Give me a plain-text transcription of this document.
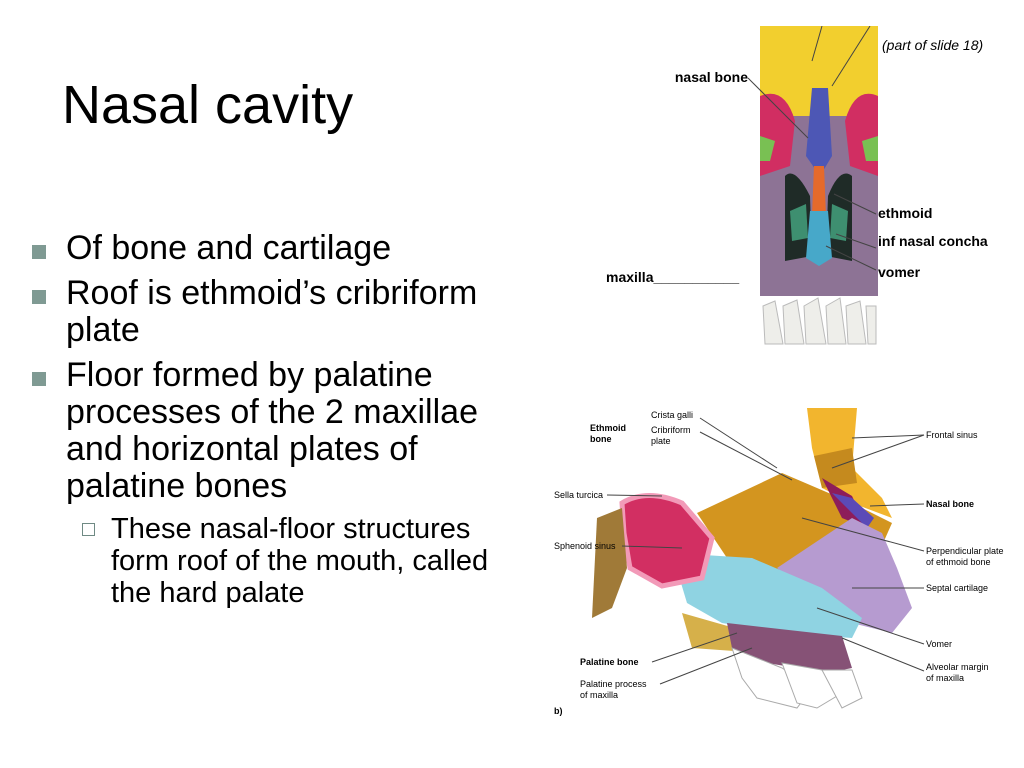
Nasal cavity
Of bone and cartilage
Roof is ethmoid’s cribriform plate
Floor formed by palatine processes of the 2 maxillae and horizontal plates of palatine bones
These nasal-floor structures form roof of the mouth, called the hard palate
(part of slide 18)
nasal bone
ethmoid
inf nasal concha
vomer
maxilla___________
Ethmoid
bone
Crista galli
Cribriform
plate
Frontal sinus
Sella turcica
Nasal bone
Sphenoid sinus	Perpendicular plate
of ethmoid bone
Septal cartilage
Vomer
Palatine bone	Alveolar margin
of maxilla
Palatine process
of maxilla
b)
